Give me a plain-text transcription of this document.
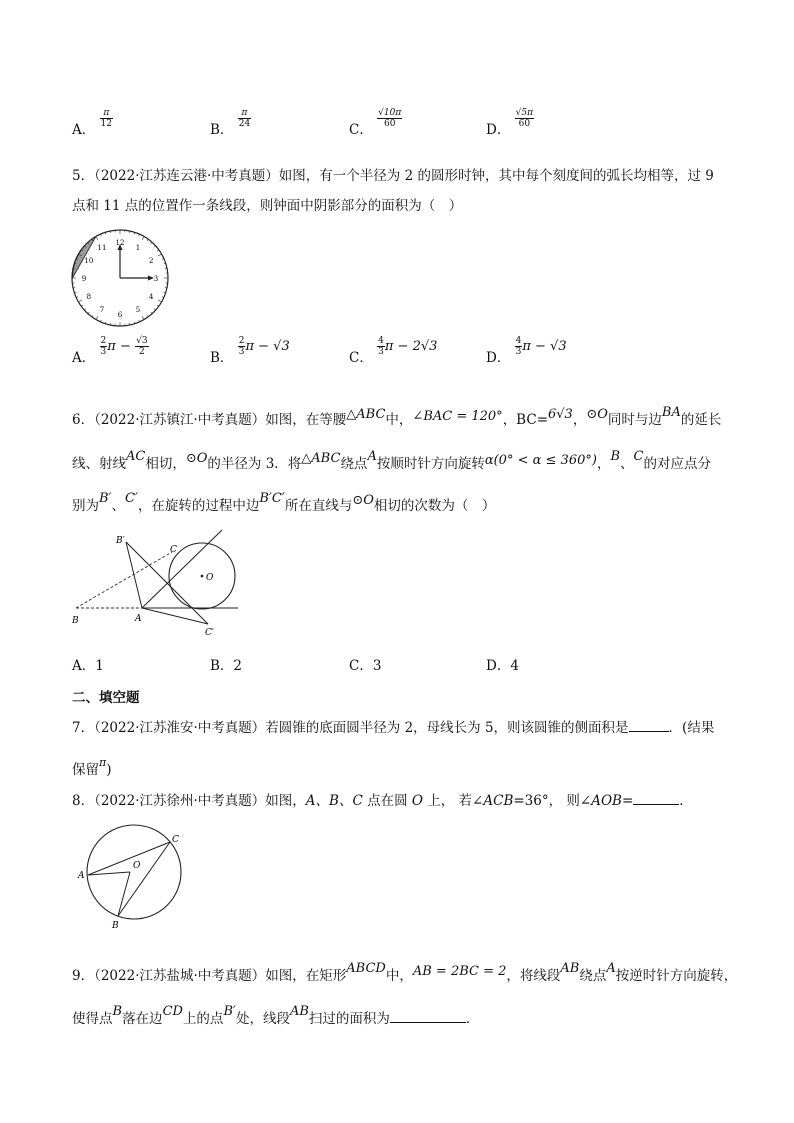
A．
$\frac{\pi}{12}$
B．
$\frac{\pi}{24}$
C．
$\frac{√10\pi}{60}$
D．
$\frac{√5\pi}{60}$
5．（2022·江苏连云港·中考真题）如图，有一个半径为 2 的圆形时钟，其中每个刻度间的弧长均相等，过 9
点和 11 点的位置作一条线段，则钟面中阴影部分的面积为（　）
12
1
2
3
4
5
6
7
8
9
10
11
A．
$\frac{2}{3}$ $\pi - \frac{√3}{2}$
B．
$\frac{2}{3}$ π − √3
C．
$\frac{4}{3}$ π − 2√3
D．
$\frac{4}{3}$ π − √3
6．（2022·江苏镇江·中考真题）如图，在等腰△ABC中，∠BAC = 120°，BC=6√3，⊙O同时与边BA的延长
线、射线AC相切，⊙O的半径为 3．将△ABC绕点A按顺时针方向旋转α(0° < α ≤ 360°)，B、C的对应点分
别为B′、C′，在旋转的过程中边B′C′所在直线与⊙O相切的次数为（　）
B	A
C
B′
C′
O
A．1	B．2	C．3	D．4
二、填空题
7．（2022·江苏淮安·中考真题）若圆锥的底面圆半径为 2，母线长为 5，则该圆锥的侧面积是	．(结果
保留$^\pi$)
8．（2022·江苏徐州·中考真题）如图，A、B、C 点在圆 O 上， 若∠ACB=36°， 则∠AOB=	．
A
B
C
O
9．（2022·江苏盐城·中考真题）如图，在矩形ABCD中，AB = 2BC = 2，将线段AB绕点A按逆时针方向旋转，
使得点B落在边CD上的点B′处，线段AB扫过的面积为	．
